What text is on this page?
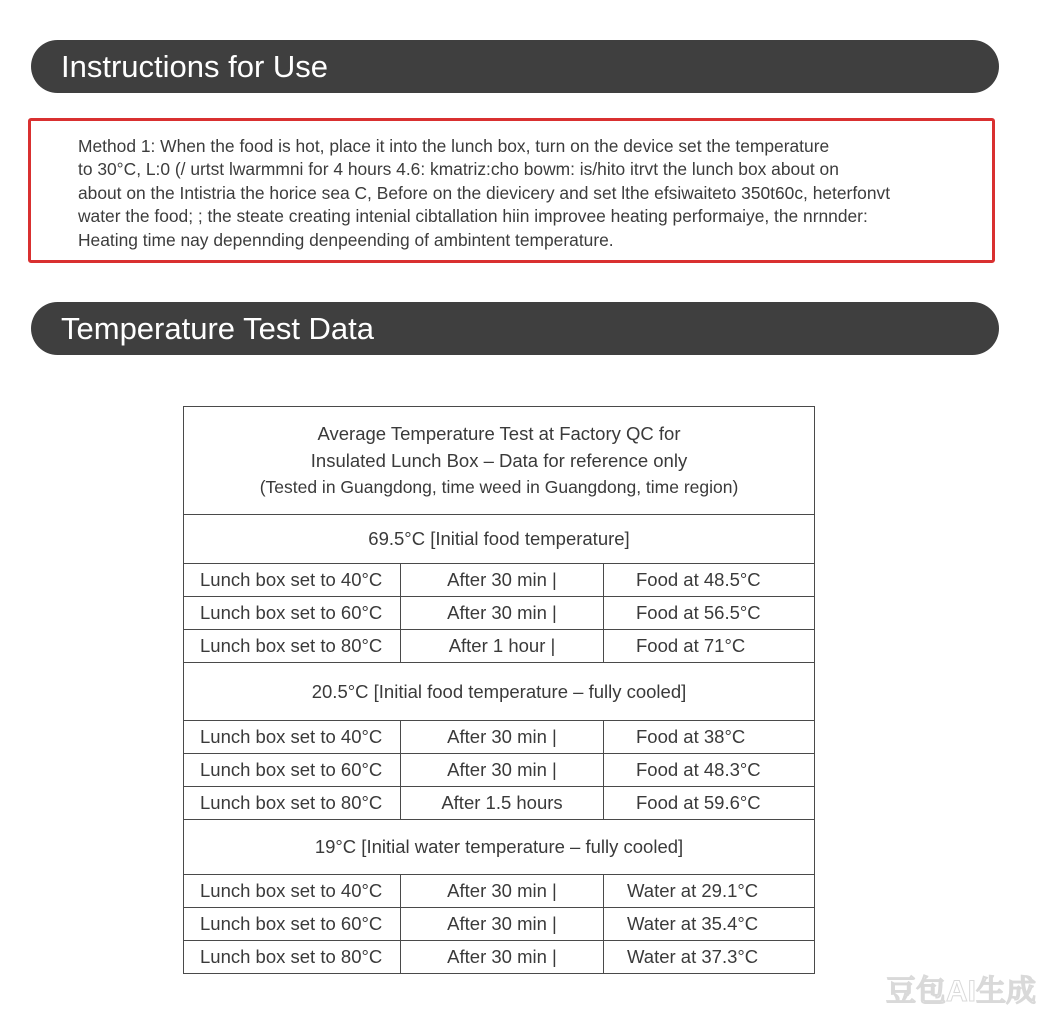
Instructions for Use
Method 1: When the food is hot, place it into the lunch box, turn on the device set the temperature
to 30°C, L:0 (/ urtst lwarmmni for 4 hours 4.6: kmatriz:cho bowm: is/hito itrvt the lunch box about on
about on the Intistria the horice sea C, Before on the dievicery and set lthe efsiwaiteto 350t60c, heterfonvt
water the food; ; the steate creating intenial cibtallation hiin improvee heating performaiye, the nrnnder:
Heating time nay depennding denpeending of ambintent temperature.
Temperature Test Data
Average Temperature Test at Factory QC for
Insulated Lunch Box – Data for reference only
(Tested in Guangdong, time weed in Guangdong, time region)		

69.5°C [Initial food temperature]		
Lunch box set to 40°C	After 30 min |	Food at 48.5°C
Lunch box set to 60°C	After 30 min |	Food at 56.5°C
Lunch box set to 80°C	After 1 hour |	Food at 71°C
20.5°C [Initial food temperature – fully cooled]		
Lunch box set to 40°C	After 30 min |	Food at 38°C
Lunch box set to 60°C	After 30 min |	Food at 48.3°C
Lunch box set to 80°C	After 1.5 hours	Food at 59.6°C
19°C [Initial water temperature – fully cooled]		
Lunch box set to 40°C	After 30 min |	Water at 29.1°C
Lunch box set to 60°C	After 30 min |	Water at 35.4°C
Lunch box set to 80°C	After 30 min |	Water at 37.3°C
豆包AI生成
